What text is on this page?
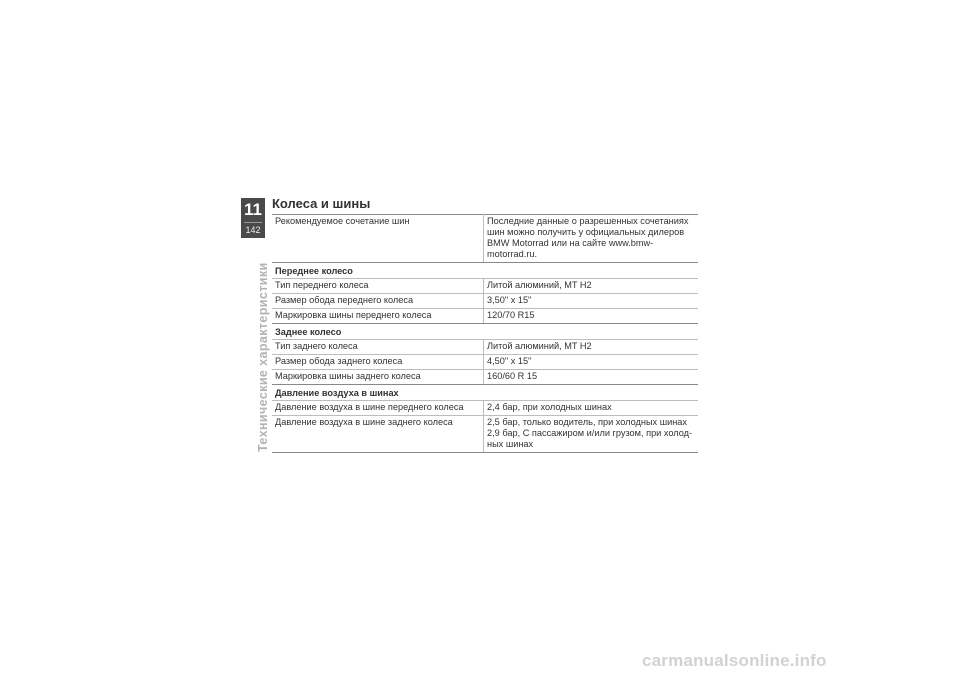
11
142
Технические характеристики
Колеса и шины
Рекомендуемое сочетание шин	Последние данные о разрешенных сочетаниях
шин можно получить у официальных дилеров
BMW Motorrad или на сайте www.bmw-
motorrad.ru.

Переднее колесо	
Тип переднего колеса	Литой алюминий, MT H2
Размер обода переднего колеса	3,50" x 15"
Маркировка шины переднего колеса	120/70 R15
Заднее колесо	
Тип заднего колеса	Литой алюминий, MT H2
Размер обода заднего колеса	4,50" x 15"
Маркировка шины заднего колеса	160/60 R 15
Давление воздуха в шинах	
Давление воздуха в шине переднего колеса	2,4 бар, при холодных шинах
Давление воздуха в шине заднего колеса	2,5 бар, только водитель, при холодных шинах
2,9 бар, С пассажиром и/или грузом, при холод-
ных шинах
carmanualsonline.info
